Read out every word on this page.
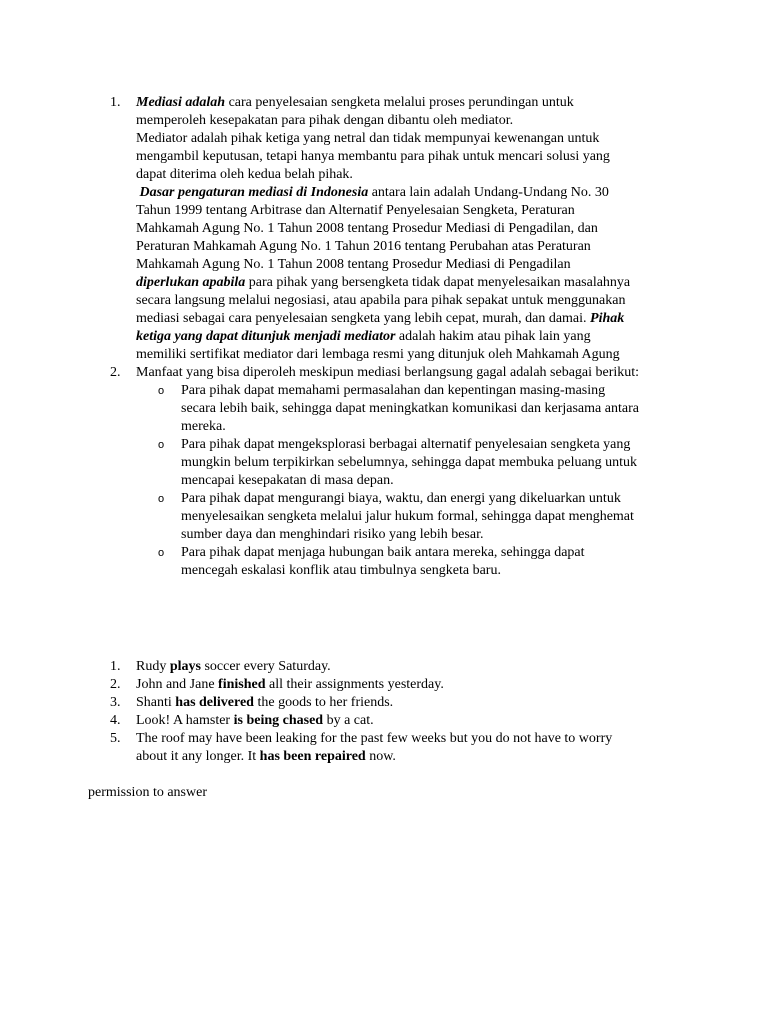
1. Mediasi adalah cara penyelesaian sengketa melalui proses perundingan untuk
memperoleh kesepakatan para pihak dengan dibantu oleh mediator.
Mediator adalah pihak ketiga yang netral dan tidak mempunyai kewenangan untuk
mengambil keputusan, tetapi hanya membantu para pihak untuk mencari solusi yang
dapat diterima oleh kedua belah pihak.
Dasar pengaturan mediasi di Indonesia antara lain adalah Undang-Undang No. 30
Tahun 1999 tentang Arbitrase dan Alternatif Penyelesaian Sengketa, Peraturan
Mahkamah Agung No. 1 Tahun 2008 tentang Prosedur Mediasi di Pengadilan, dan
Peraturan Mahkamah Agung No. 1 Tahun 2016 tentang Perubahan atas Peraturan
Mahkamah Agung No. 1 Tahun 2008 tentang Prosedur Mediasi di Pengadilan
diperlukan apabila para pihak yang bersengketa tidak dapat menyelesaikan masalahnya
secara langsung melalui negosiasi, atau apabila para pihak sepakat untuk menggunakan
mediasi sebagai cara penyelesaian sengketa yang lebih cepat, murah, dan damai. Pihak
ketiga yang dapat ditunjuk menjadi mediator adalah hakim atau pihak lain yang
memiliki sertifikat mediator dari lembaga resmi yang ditunjuk oleh Mahkamah Agung
2. Manfaat yang bisa diperoleh meskipun mediasi berlangsung gagal adalah sebagai berikut:
o Para pihak dapat memahami permasalahan dan kepentingan masing-masing
secara lebih baik, sehingga dapat meningkatkan komunikasi dan kerjasama antara
mereka.
o Para pihak dapat mengeksplorasi berbagai alternatif penyelesaian sengketa yang
mungkin belum terpikirkan sebelumnya, sehingga dapat membuka peluang untuk
mencapai kesepakatan di masa depan.
o Para pihak dapat mengurangi biaya, waktu, dan energi yang dikeluarkan untuk
menyelesaikan sengketa melalui jalur hukum formal, sehingga dapat menghemat
sumber daya dan menghindari risiko yang lebih besar.
o Para pihak dapat menjaga hubungan baik antara mereka, sehingga dapat
mencegah eskalasi konflik atau timbulnya sengketa baru.
1. Rudy plays soccer every Saturday.
2. John and Jane finished all their assignments yesterday.
3. Shanti has delivered the goods to her friends.
4. Look! A hamster is being chased by a cat.
5. The roof may have been leaking for the past few weeks but you do not have to worry
about it any longer. It has been repaired now.
permission to answer
